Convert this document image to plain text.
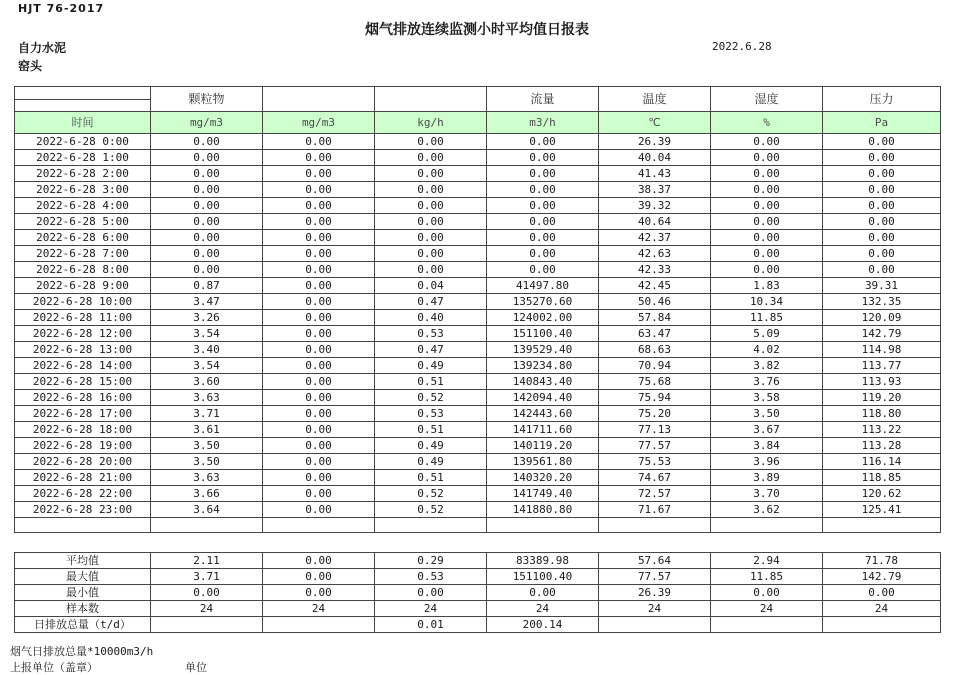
HJT 76-2017
烟气排放连续监测小时平均值日报表
自力水泥	2022.6.28
窑头
	颗粒物			流量	温度	湿度	压力

时间	mg/m3	mg/m3	kg/h	m3/h	℃	%	Pa
2022-6-28 0:00	0.00	0.00	0.00	0.00	26.39	0.00	0.00
2022-6-28 1:00	0.00	0.00	0.00	0.00	40.04	0.00	0.00
2022-6-28 2:00	0.00	0.00	0.00	0.00	41.43	0.00	0.00
2022-6-28 3:00	0.00	0.00	0.00	0.00	38.37	0.00	0.00
2022-6-28 4:00	0.00	0.00	0.00	0.00	39.32	0.00	0.00
2022-6-28 5:00	0.00	0.00	0.00	0.00	40.64	0.00	0.00
2022-6-28 6:00	0.00	0.00	0.00	0.00	42.37	0.00	0.00
2022-6-28 7:00	0.00	0.00	0.00	0.00	42.63	0.00	0.00
2022-6-28 8:00	0.00	0.00	0.00	0.00	42.33	0.00	0.00
2022-6-28 9:00	0.87	0.00	0.04	41497.80	42.45	1.83	39.31
2022-6-28 10:00	3.47	0.00	0.47	135270.60	50.46	10.34	132.35
2022-6-28 11:00	3.26	0.00	0.40	124002.00	57.84	11.85	120.09
2022-6-28 12:00	3.54	0.00	0.53	151100.40	63.47	5.09	142.79
2022-6-28 13:00	3.40	0.00	0.47	139529.40	68.63	4.02	114.98
2022-6-28 14:00	3.54	0.00	0.49	139234.80	70.94	3.82	113.77
2022-6-28 15:00	3.60	0.00	0.51	140843.40	75.68	3.76	113.93
2022-6-28 16:00	3.63	0.00	0.52	142094.40	75.94	3.58	119.20
2022-6-28 17:00	3.71	0.00	0.53	142443.60	75.20	3.50	118.80
2022-6-28 18:00	3.61	0.00	0.51	141711.60	77.13	3.67	113.22
2022-6-28 19:00	3.50	0.00	0.49	140119.20	77.57	3.84	113.28
2022-6-28 20:00	3.50	0.00	0.49	139561.80	75.53	3.96	116.14
2022-6-28 21:00	3.63	0.00	0.51	140320.20	74.67	3.89	118.85
2022-6-28 22:00	3.66	0.00	0.52	141749.40	72.57	3.70	120.62
2022-6-28 23:00	3.64	0.00	0.52	141880.80	71.67	3.62	125.41

平均值	2.11	0.00	0.29	83389.98	57.64	2.94	71.78
最大值	3.71	0.00	0.53	151100.40	77.57	11.85	142.79
最小值	0.00	0.00	0.00	0.00	26.39	0.00	0.00
样本数	24	24	24	24	24	24	24
日排放总量（t/d）			0.01	200.14			
烟气日排放总量*10000m3/h
上报单位（盖章）	单位
